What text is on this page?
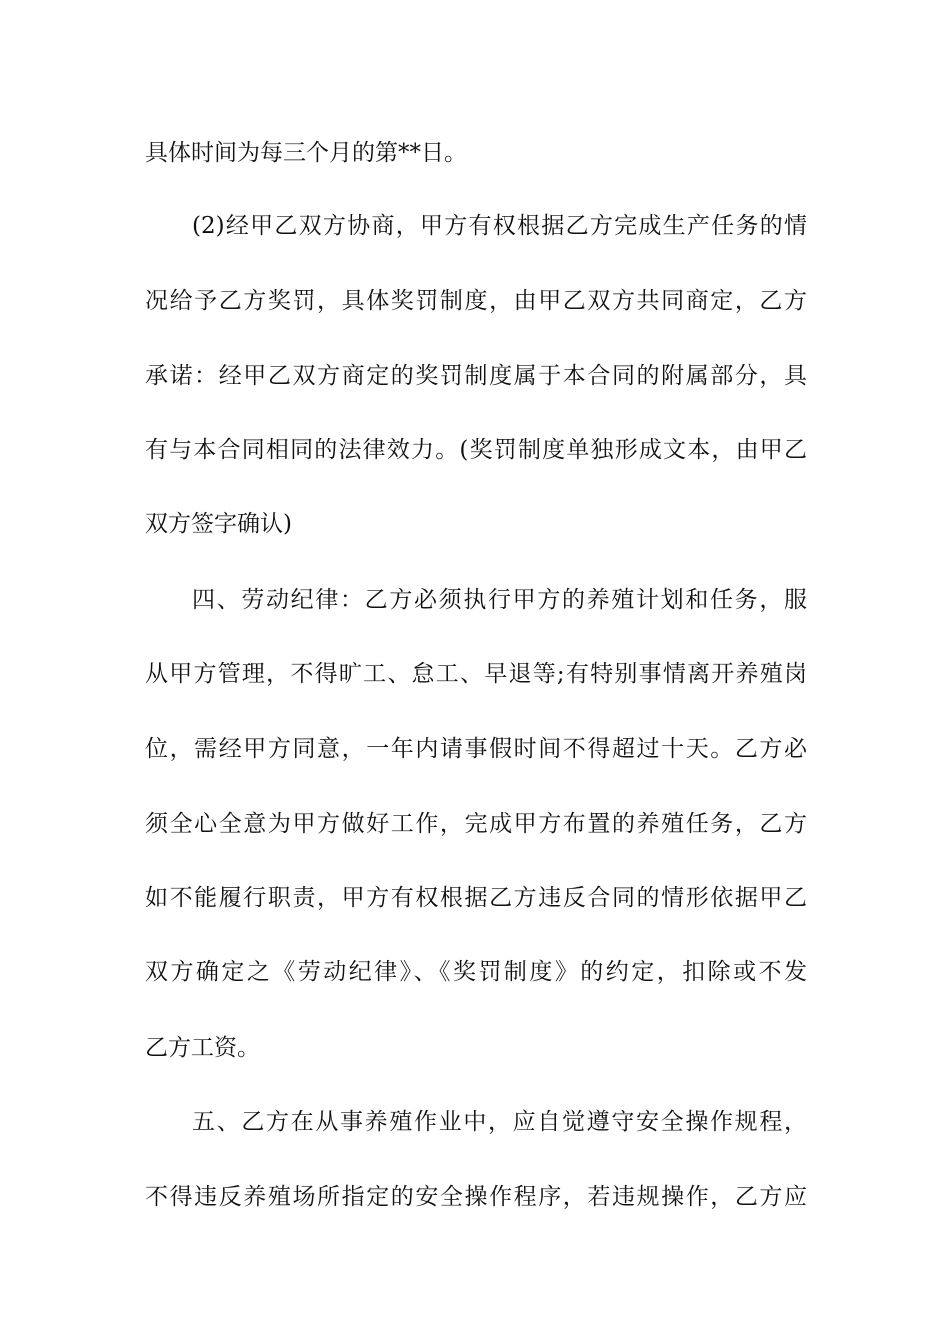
具体时间为每三个月的第**日。
(2)经甲乙双方协商，甲方有权根据乙方完成生产任务的情
况给予乙方奖罚，具体奖罚制度，由甲乙双方共同商定，乙方
承诺：经甲乙双方商定的奖罚制度属于本合同的附属部分，具
有与本合同相同的法律效力。(奖罚制度单独形成文本，由甲乙
双方签字确认)
四、劳动纪律：乙方必须执行甲方的养殖计划和任务，服
从甲方管理，不得旷工、怠工、早退等;有特别事情离开养殖岗
位，需经甲方同意，一年内请事假时间不得超过十天。乙方必
须全心全意为甲方做好工作，完成甲方布置的养殖任务，乙方
如不能履行职责，甲方有权根据乙方违反合同的情形依据甲乙
双方确定之《劳动纪律》、《奖罚制度》的约定，扣除或不发
乙方工资。
五、乙方在从事养殖作业中，应自觉遵守安全操作规程，
不得违反养殖场所指定的安全操作程序，若违规操作，乙方应
